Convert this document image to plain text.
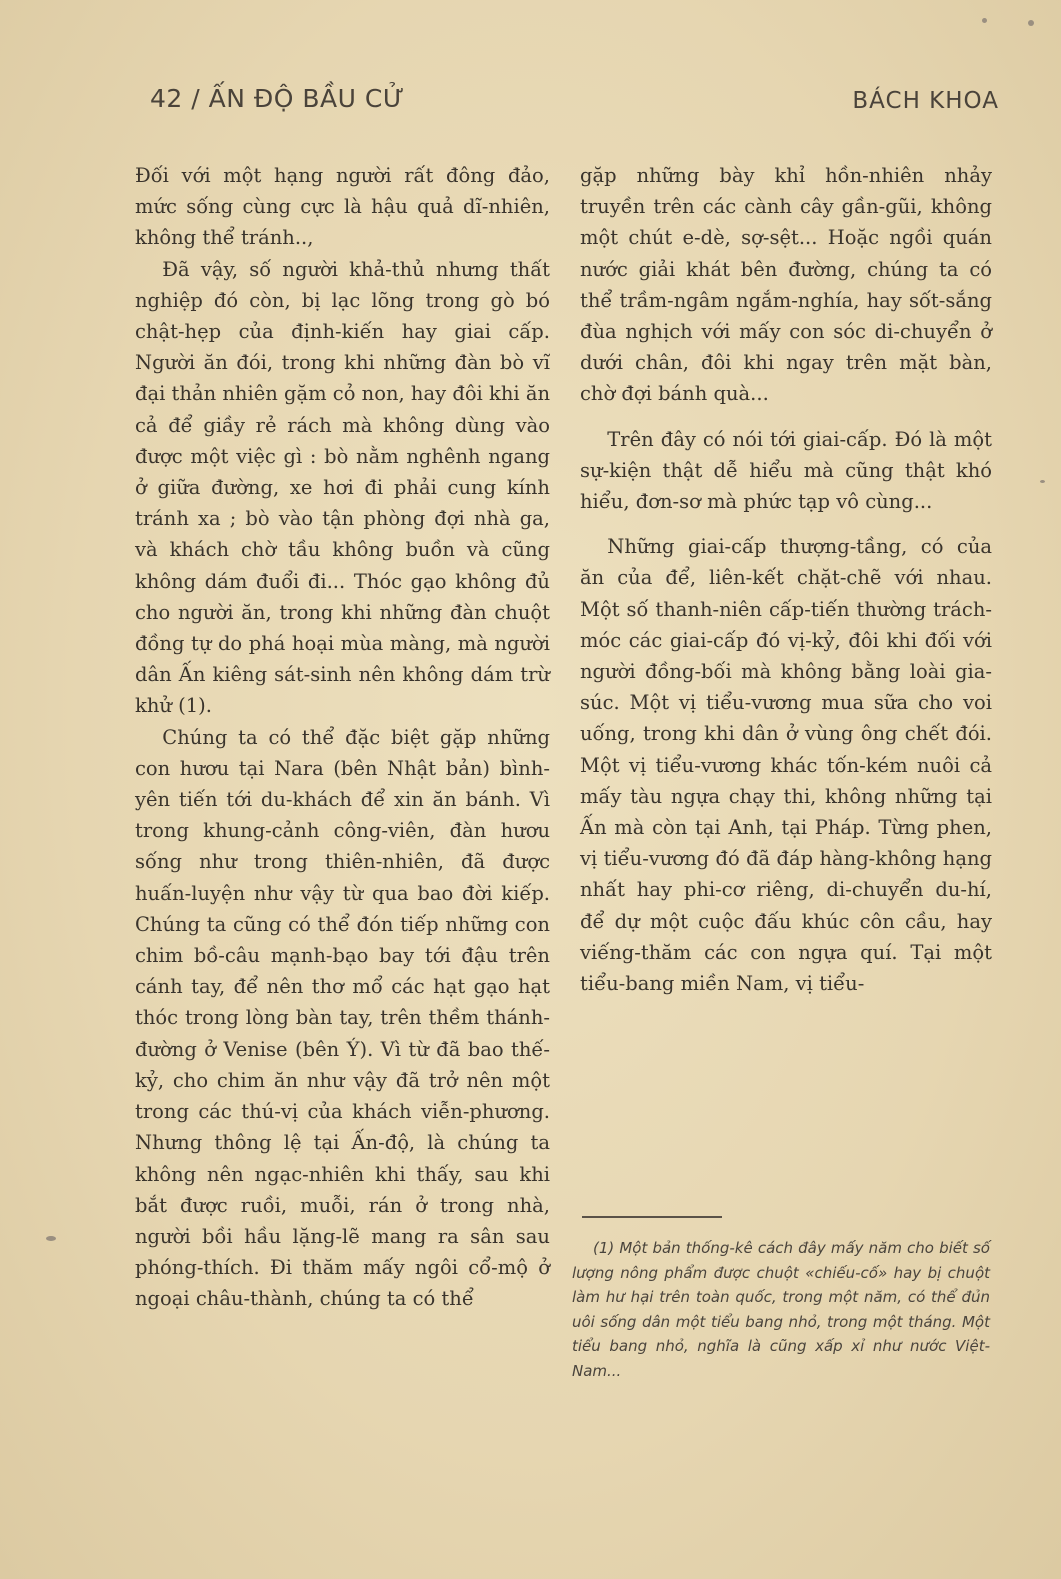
42 / ẤN ĐỘ BẦU CỬ	BÁCH KHOA

Đối với một hạng người rất đông đảo, mức sống cùng cực là hậu quả dĩ-nhiên, không thể tránh..,

Đã vậy, số người khả-thủ nhưng thất nghiệp đó còn, bị lạc lõng trong gò bó chật-hẹp của định-kiến hay giai cấp. Người ăn đói, trong khi những đàn bò vĩ đại thản nhiên gặm cỏ non, hay đôi khi ăn cả để giầy rẻ rách mà không dùng vào được một việc gì : bò nằm nghênh ngang ở giữa đường, xe hơi đi phải cung kính tránh xa ; bò vào tận phòng đợi nhà ga, và khách chờ tầu không buồn và cũng không dám đuổi đi... Thóc gạo không đủ cho người ăn, trong khi những đàn chuột đồng tự do phá hoại mùa màng, mà người dân Ấn kiêng sát-sinh nên không dám trừ khử (1).

Chúng ta có thể đặc biệt gặp những con hươu tại Nara (bên Nhật bản) bình-yên tiến tới du-khách để xin ăn bánh. Vì trong khung-cảnh công-viên, đàn hươu sống như trong thiên-nhiên, đã được huấn-luyện như vậy từ qua bao đời kiếp. Chúng ta cũng có thể đón tiếp những con chim bồ-câu mạnh-bạo bay tới đậu trên cánh tay, để nên thơ mổ các hạt gạo hạt thóc trong lòng bàn tay, trên thềm thánh-đường ở Venise (bên Ý). Vì từ đã bao thế-kỷ, cho chim ăn như vậy đã trở nên một trong các thú-vị của khách viễn-phương. Nhưng thông lệ tại Ấn-độ, là chúng ta không nên ngạc-nhiên khi thấy, sau khi bắt được ruồi, muỗi, rán ở trong nhà, người bồi hầu lặng-lẽ mang ra sân sau phóng-thích. Đi thăm mấy ngôi cổ-mộ ở ngoại châu-thành, chúng ta có thể

gặp những bày khỉ hồn-nhiên nhảy truyền trên các cành cây gần-gũi, không một chút e-dè, sợ-sệt... Hoặc ngồi quán nước giải khát bên đường, chúng ta có thể trầm-ngâm ngắm-nghía, hay sốt-sắng đùa nghịch với mấy con sóc di-chuyển ở dưới chân, đôi khi ngay trên mặt bàn, chờ đợi bánh quà...

Trên đây có nói tới giai-cấp. Đó là một sự-kiện thật dễ hiểu mà cũng thật khó hiểu, đơn-sơ mà phức tạp vô cùng...

Những giai-cấp thượng-tầng, có của ăn của để, liên-kết chặt-chẽ với nhau. Một số thanh-niên cấp-tiến thường trách-móc các giai-cấp đó vị-kỷ, đôi khi đối với người đồng-bối mà không bằng loài gia-súc. Một vị tiểu-vương mua sữa cho voi uống, trong khi dân ở vùng ông chết đói. Một vị tiểu-vương khác tốn-kém nuôi cả mấy tàu ngựa chạy thi, không những tại Ấn mà còn tại Anh, tại Pháp. Từng phen, vị tiểu-vương đó đã đáp hàng-không hạng nhất hay phi-cơ riêng, di-chuyển du-hí, để dự một cuộc đấu khúc côn cầu, hay viếng-thăm các con ngựa quí. Tại một tiểu-bang miền Nam, vị tiểu-

(1) Một bản thống-kê cách đây mấy năm cho biết số lượng nông phẩm được chuột «chiếu-cố» hay bị chuột làm hư hại trên toàn quốc, trong một năm, có thể đủn uôi sống dân một tiểu bang nhỏ, trong một tháng. Một tiểu bang nhỏ, nghĩa là cũng xấp xỉ như nước Việt-Nam...
